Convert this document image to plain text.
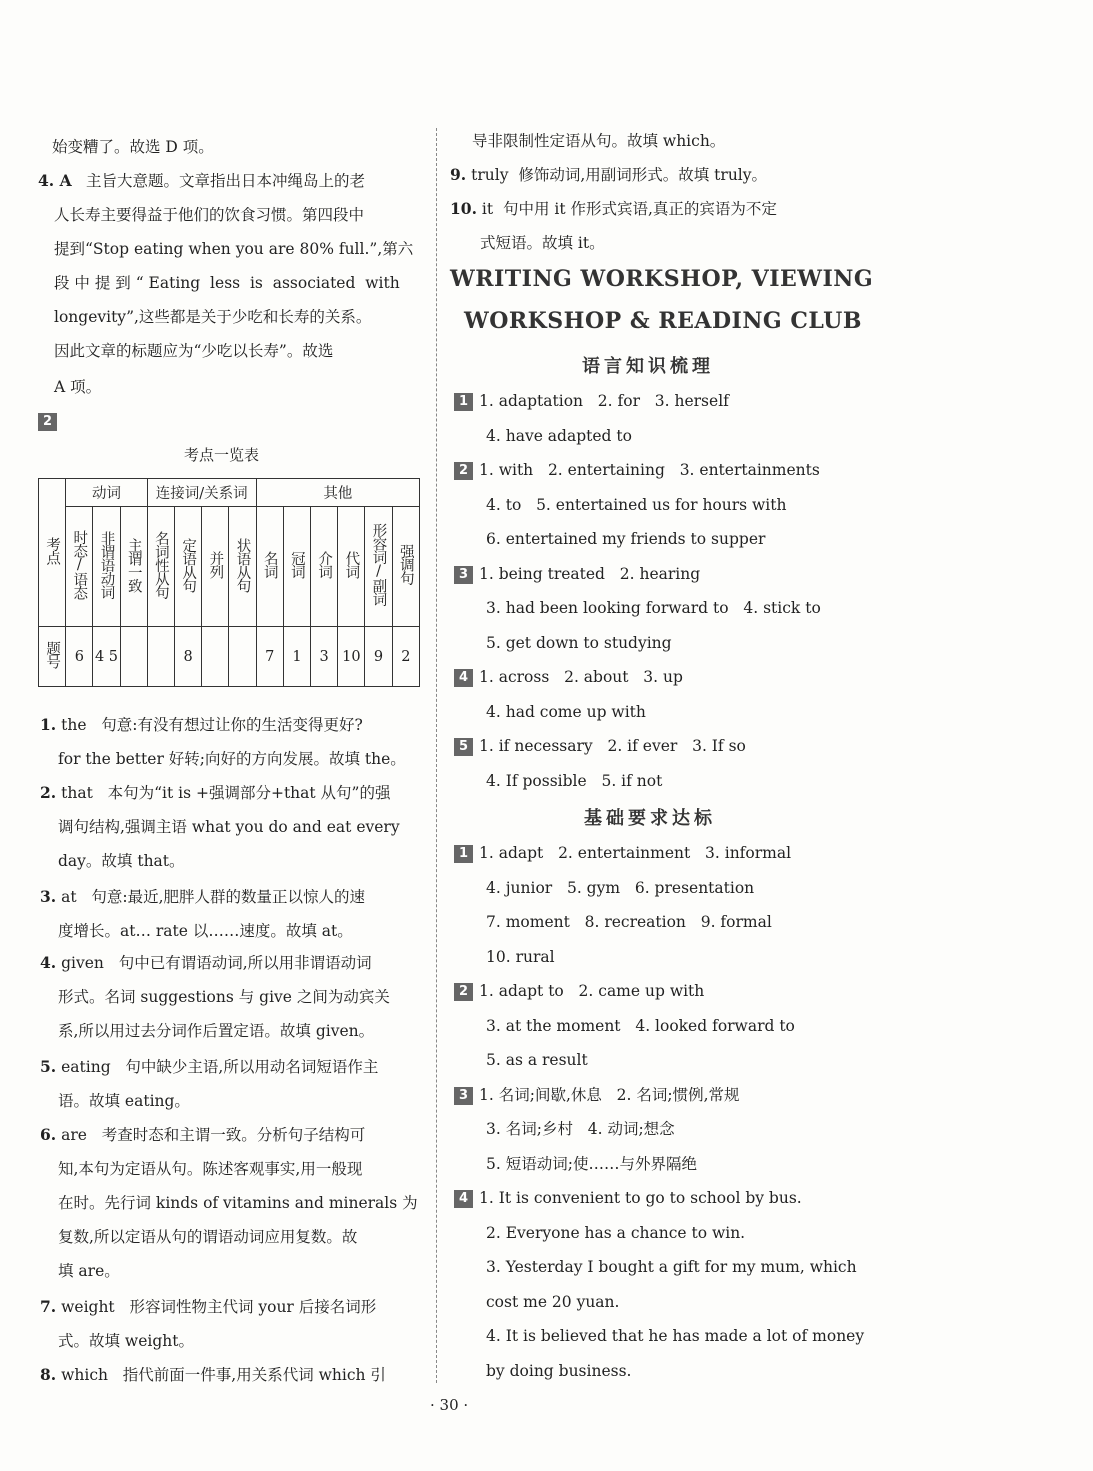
始变糟了。故选 D 项。
4. A 主旨大意题。文章指出日本冲绳岛上的老
人长寿主要得益于他们的饮食习惯。第四段中
提到“Stop eating when you are 80% full.”,第六
段 中 提 到 “ Eating  less  is  associated  with
longevity”,这些都是关于少吃和长寿的关系。
因此文章的标题应为“少吃以长寿”。故选
A 项。
2
考点一览表
考点	动词			连接词/关系词				其他					
	时态/语态	非谓语动词	主谓一致	名词性从句	定语从句	并列	状语从句	名词	冠词	介词	代词	形容词/副词	强调句
题号	6	4 5			8			7	1	3	10	9	2
1. the 句意:有没有想过让你的生活变得更好?
for the better 好转;向好的方向发展。故填 the。
2. that 本句为“it is +强调部分+that 从句”的强
调句结构,强调主语 what you do and eat every
day。故填 that。
3. at 句意:最近,肥胖人群的数量正以惊人的速
度增长。at… rate 以……速度。故填 at。
4. given 句中已有谓语动词,所以用非谓语动词
形式。名词 suggestions 与 give 之间为动宾关
系,所以用过去分词作后置定语。故填 given。
5. eating 句中缺少主语,所以用动名词短语作主
语。故填 eating。
6. are 考查时态和主谓一致。分析句子结构可
知,本句为定语从句。陈述客观事实,用一般现
在时。先行词 kinds of vitamins and minerals 为
复数,所以定语从句的谓语动词应用复数。故
填 are。
7. weight 形容词性物主代词 your 后接名词形
式。故填 weight。
8. which 指代前面一件事,用关系代词 which 引
导非限制性定语从句。故填 which。
9. truly 修饰动词,用副词形式。故填 truly。
10. it 句中用 it 作形式宾语,真正的宾语为不定
式短语。故填 it。
WRITING WORKSHOP, VIEWING
WORKSHOP & READING CLUB
语言知识梳理
1 1. adaptation 2. for 3. herself
4. have adapted to
2 1. with 2. entertaining 3. entertainments
4. to 5. entertained us for hours with
6. entertained my friends to supper
3 1. being treated 2. hearing
3. had been looking forward to 4. stick to
5. get down to studying
4 1. across 2. about 3. up
4. had come up with
5 1. if necessary 2. if ever 3. If so
4. If possible 5. if not
基础要求达标
1 1. adapt 2. entertainment 3. informal
4. junior 5. gym 6. presentation
7. moment 8. recreation 9. formal
10. rural
2 1. adapt to 2. came up with
3. at the moment 4. looked forward to
5. as a result
3 1. 名词;间歇,休息 2. 名词;惯例,常规
3. 名词;乡村 4. 动词;想念
5. 短语动词;使……与外界隔绝
4 1. It is convenient to go to school by bus.
2. Everyone has a chance to win.
3. Yesterday I bought a gift for my mum, which
cost me 20 yuan.
4. It is believed that he has made a lot of money
by doing business.
· 30 ·
